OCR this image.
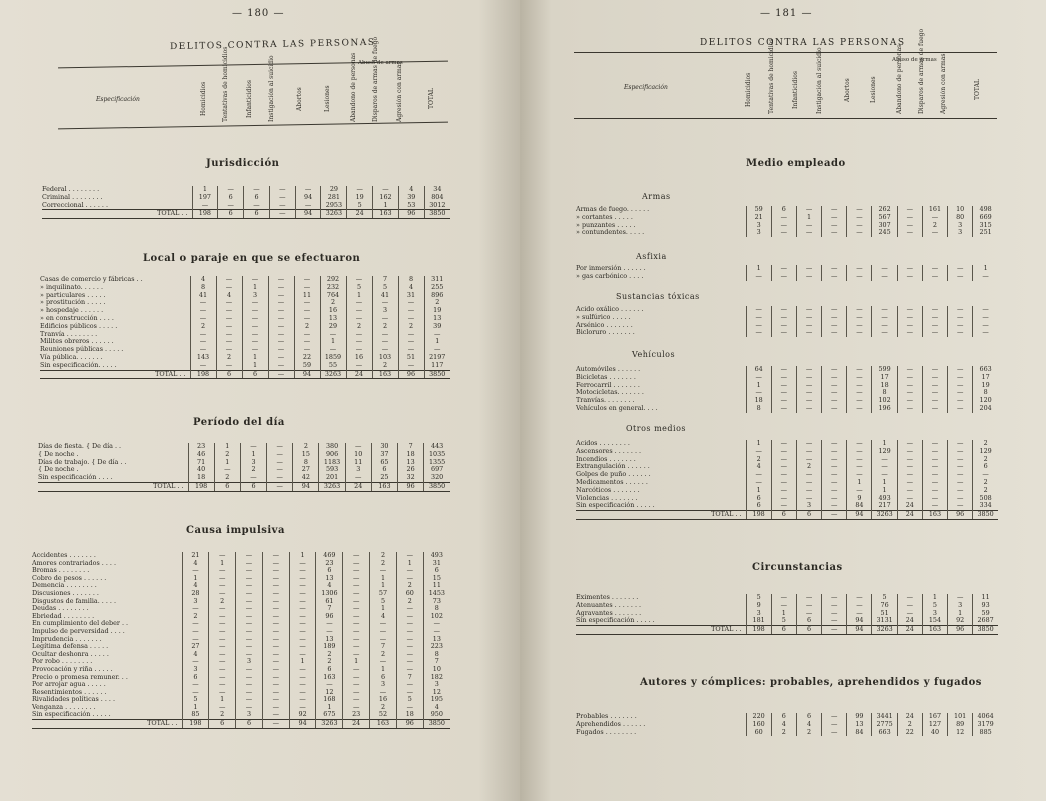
— 180 —
DELITOS CONTRA LAS PERSONAS
Especificación
Abuso de armas
Homicidios	Tentativas de homicidios	Infanticidios	Instigación al suicidio	Abortos	Lesiones	Abandono de personas	Disparos de armas de fuego	Agresión con armas	TOTAL
Jurisdicción
Federal . . . . . . . .	1	—	—	—	—	29	—	—	4	34
Criminal . . . . . . . .	197	6	6	—	94	281	19	162	39	804
Correccional . . . . . .	—	—	—	—	—	2953	5	1	53	3012
TOTAL . .	198	6	6	—	94	3263	24	163	96	3850
Local o paraje en que se efectuaron
Casas de comercio y fábricas . .	4	—	—	—	—	292	—	7	8	311
» inquilinato. . . . . .	8	—	1	—	—	232	5	5	4	255
» particulares . . . . .	41	4	3	—	11	764	1	41	31	896
» prostitución . . . . .	—	—	—	—	—	2	—	—	—	2
» hospedaje . . . . . .	—	—	—	—	—	16	—	3	—	19
» en construcción . . . .	—	—	—	—	—	13	—	—	—	13
Edificios públicos . . . . .	2	—	—	—	2	29	2	2	2	39
Tranvía . . . . . . . .	—	—	—	—	—	—	—	—	—	—
Milites obreros . . . . . .	—	—	—	—	—	1	—	—	—	1
Reuniones públicas . . . . .	—	—	—	—	—	—	—	—	—	—
Vía pública. . . . . . .	143	2	1	—	22	1859	16	103	51	2197
Sin especificación. . . . .	—	—	1	—	59	55	—	2	—	117
TOTAL . .	198	6	6	—	94	3263	24	163	96	3850
Período del día
Días de fiesta. { De día . .	23	1	—	—	2	380	—	30	7	443
{ De noche .	46	2	1	—	15	906	10	37	18	1035
Días de trabajo. { De día . .	71	1	3	—	8	1183	11	65	13	1355
{ De noche .	40	—	2	—	27	593	3	6	26	697
Sin especificación . . . .	18	2	—	—	42	201	—	25	32	320
TOTAL . .	198	6	6	—	94	3263	24	163	96	3850
Causa impulsiva
Accidentes . . . . . . .	21	—	—	—	1	469	—	2	—	493
Amores contrariados . . . .	4	1	—	—	—	23	—	2	1	31
Bromas . . . . . . . .	—	—	—	—	—	6	—	—	—	6
Cobro de pesos . . . . . .	1	—	—	—	—	13	—	1	—	15
Demencia . . . . . . . .	4	—	—	—	—	4	—	1	2	11
Discusiones . . . . . . .	28	—	—	—	—	1306	—	57	60	1453
Disgustos de familia. . . . .	3	2	—	—	—	61	—	5	2	73
Deudas . . . . . . . .	—	—	—	—	—	7	—	1	—	8
Ebriedad . . . . . . . .	2	—	—	—	—	96	—	4	—	102
En cumplimiento del deber . .	—	—	—	—	—	—	—	—	—	—
Impulso de perversidad . . . .	—	—	—	—	—	—	—	—	—	—
Imprudencia . . . . . . .	—	—	—	—	—	13	—	—	—	13
Legítima defensa . . . . .	27	—	—	—	—	189	—	7	—	223
Ocultar deshonra . . . . .	4	—	—	—	—	2	—	2	—	8
Por robo . . . . . . . .	—	—	3	—	1	2	1	—	—	7
Provocación y riña . . . . .	3	—	—	—	—	6	—	1	—	10
Precio o promesa remuner. . .	6	—	—	—	—	163	—	6	7	182
Por arrojar agua . . . . .	—	—	—	—	—	—	—	3	—	3
Resentimientos . . . . . .	—	—	—	—	—	12	—	—	—	12
Rivalidades políticas . . . .	5	1	—	—	—	168	—	16	5	195
Venganza . . . . . . . .	1	—	—	—	—	1	—	2	—	4
Sin especificación . . . . .	85	2	3	—	92	675	23	52	18	950
TOTAL . .	198	6	6	—	94	3263	24	163	96	3850
— 181 —
DELITOS CONTRA LAS PERSONAS
Especificación
Abuso de armas
Homicidios	Tentativas de homicidios	Infanticidios	Instigación al suicidio	Abortos	Lesiones	Abandono de personas	Disparos de armas de fuego	Agresión con armas	TOTAL
Medio empleado
Armas
Armas de fuego. . . . . .	59	6	—	—	—	262	—	161	10	498
» cortantes . . . . .	21	—	1	—	—	567	—	—	80	669
» punzantes . . . . .	3	—	—	—	—	307	—	2	3	315
» contundentes. . . . .	3	—	—	—	—	245	—	—	3	251
Asfixia
Por inmersión . . . . . .	1	—	—	—	—	—	—	—	—	1
» gas carbónico . . . .	—	—	—	—	—	—	—	—	—	—
Sustancias tóxicas
Acido oxálico . . . . . .	—	—	—	—	—	—	—	—	—	—
» sulfúrico . . . . .	—	—	—	—	—	—	—	—	—	—
Arsénico . . . . . . .	—	—	—	—	—	—	—	—	—	—
Bicloruro . . . . . . .	—	—	—	—	—	—	—	—	—	—
Vehículos
Automóviles . . . . . .	64	—	—	—	—	599	—	—	—	663
Bicicletas . . . . . . .	—	—	—	—	—	17	—	—	—	17
Ferrocarril . . . . . . .	1	—	—	—	—	18	—	—	—	19
Motocicletas. . . . . . .	—	—	—	—	—	8	—	—	—	8
Tranvías. . . . . . . .	18	—	—	—	—	102	—	—	—	120
Vehículos en general. . . .	8	—	—	—	—	196	—	—	—	204
Otros medios
Acidos . . . . . . . .	1	—	—	—	—	1	—	—	—	2
Ascensores . . . . . . .	—	—	—	—	—	129	—	—	—	129
Incendios . . . . . . .	2	—	—	—	—	—	—	—	—	2
Extrangulación . . . . . .	4	—	2	—	—	—	—	—	—	6
Golpes de puño . . . . . .	—	—	—	—	—	—	—	—	—	—
Medicamentos . . . . . .	—	—	—	—	1	1	—	—	—	2
Narcóticos . . . . . . .	1	—	—	—	—	1	—	—	—	2
Violencias . . . . . . .	6	—	—	—	9	493	—	—	—	508
Sin especificación . . . . .	6	—	3	—	84	217	24	—	—	334
TOTAL . .	198	6	6	—	94	3263	24	163	96	3850
Circunstancias
Eximentes . . . . . . .	5	—	—	—	—	5	—	1	—	11
Atenuantes . . . . . . .	9	—	—	—	—	76	—	5	3	93
Agravantes . . . . . . .	3	1	—	—	—	51	—	3	1	59
Sin especificación . . . . .	181	5	6	—	94	3131	24	154	92	2687
TOTAL . .	198	6	6	—	94	3263	24	163	96	3850
Autores y cómplices: probables, aprehendidos y fugados
Probables . . . . . . .	220	6	6	—	99	3441	24	167	101	4064
Aprehendidos . . . . . .	160	4	4	—	13	2775	2	127	89	3179
Fugados . . . . . . . .	60	2	2	—	84	663	22	40	12	885
